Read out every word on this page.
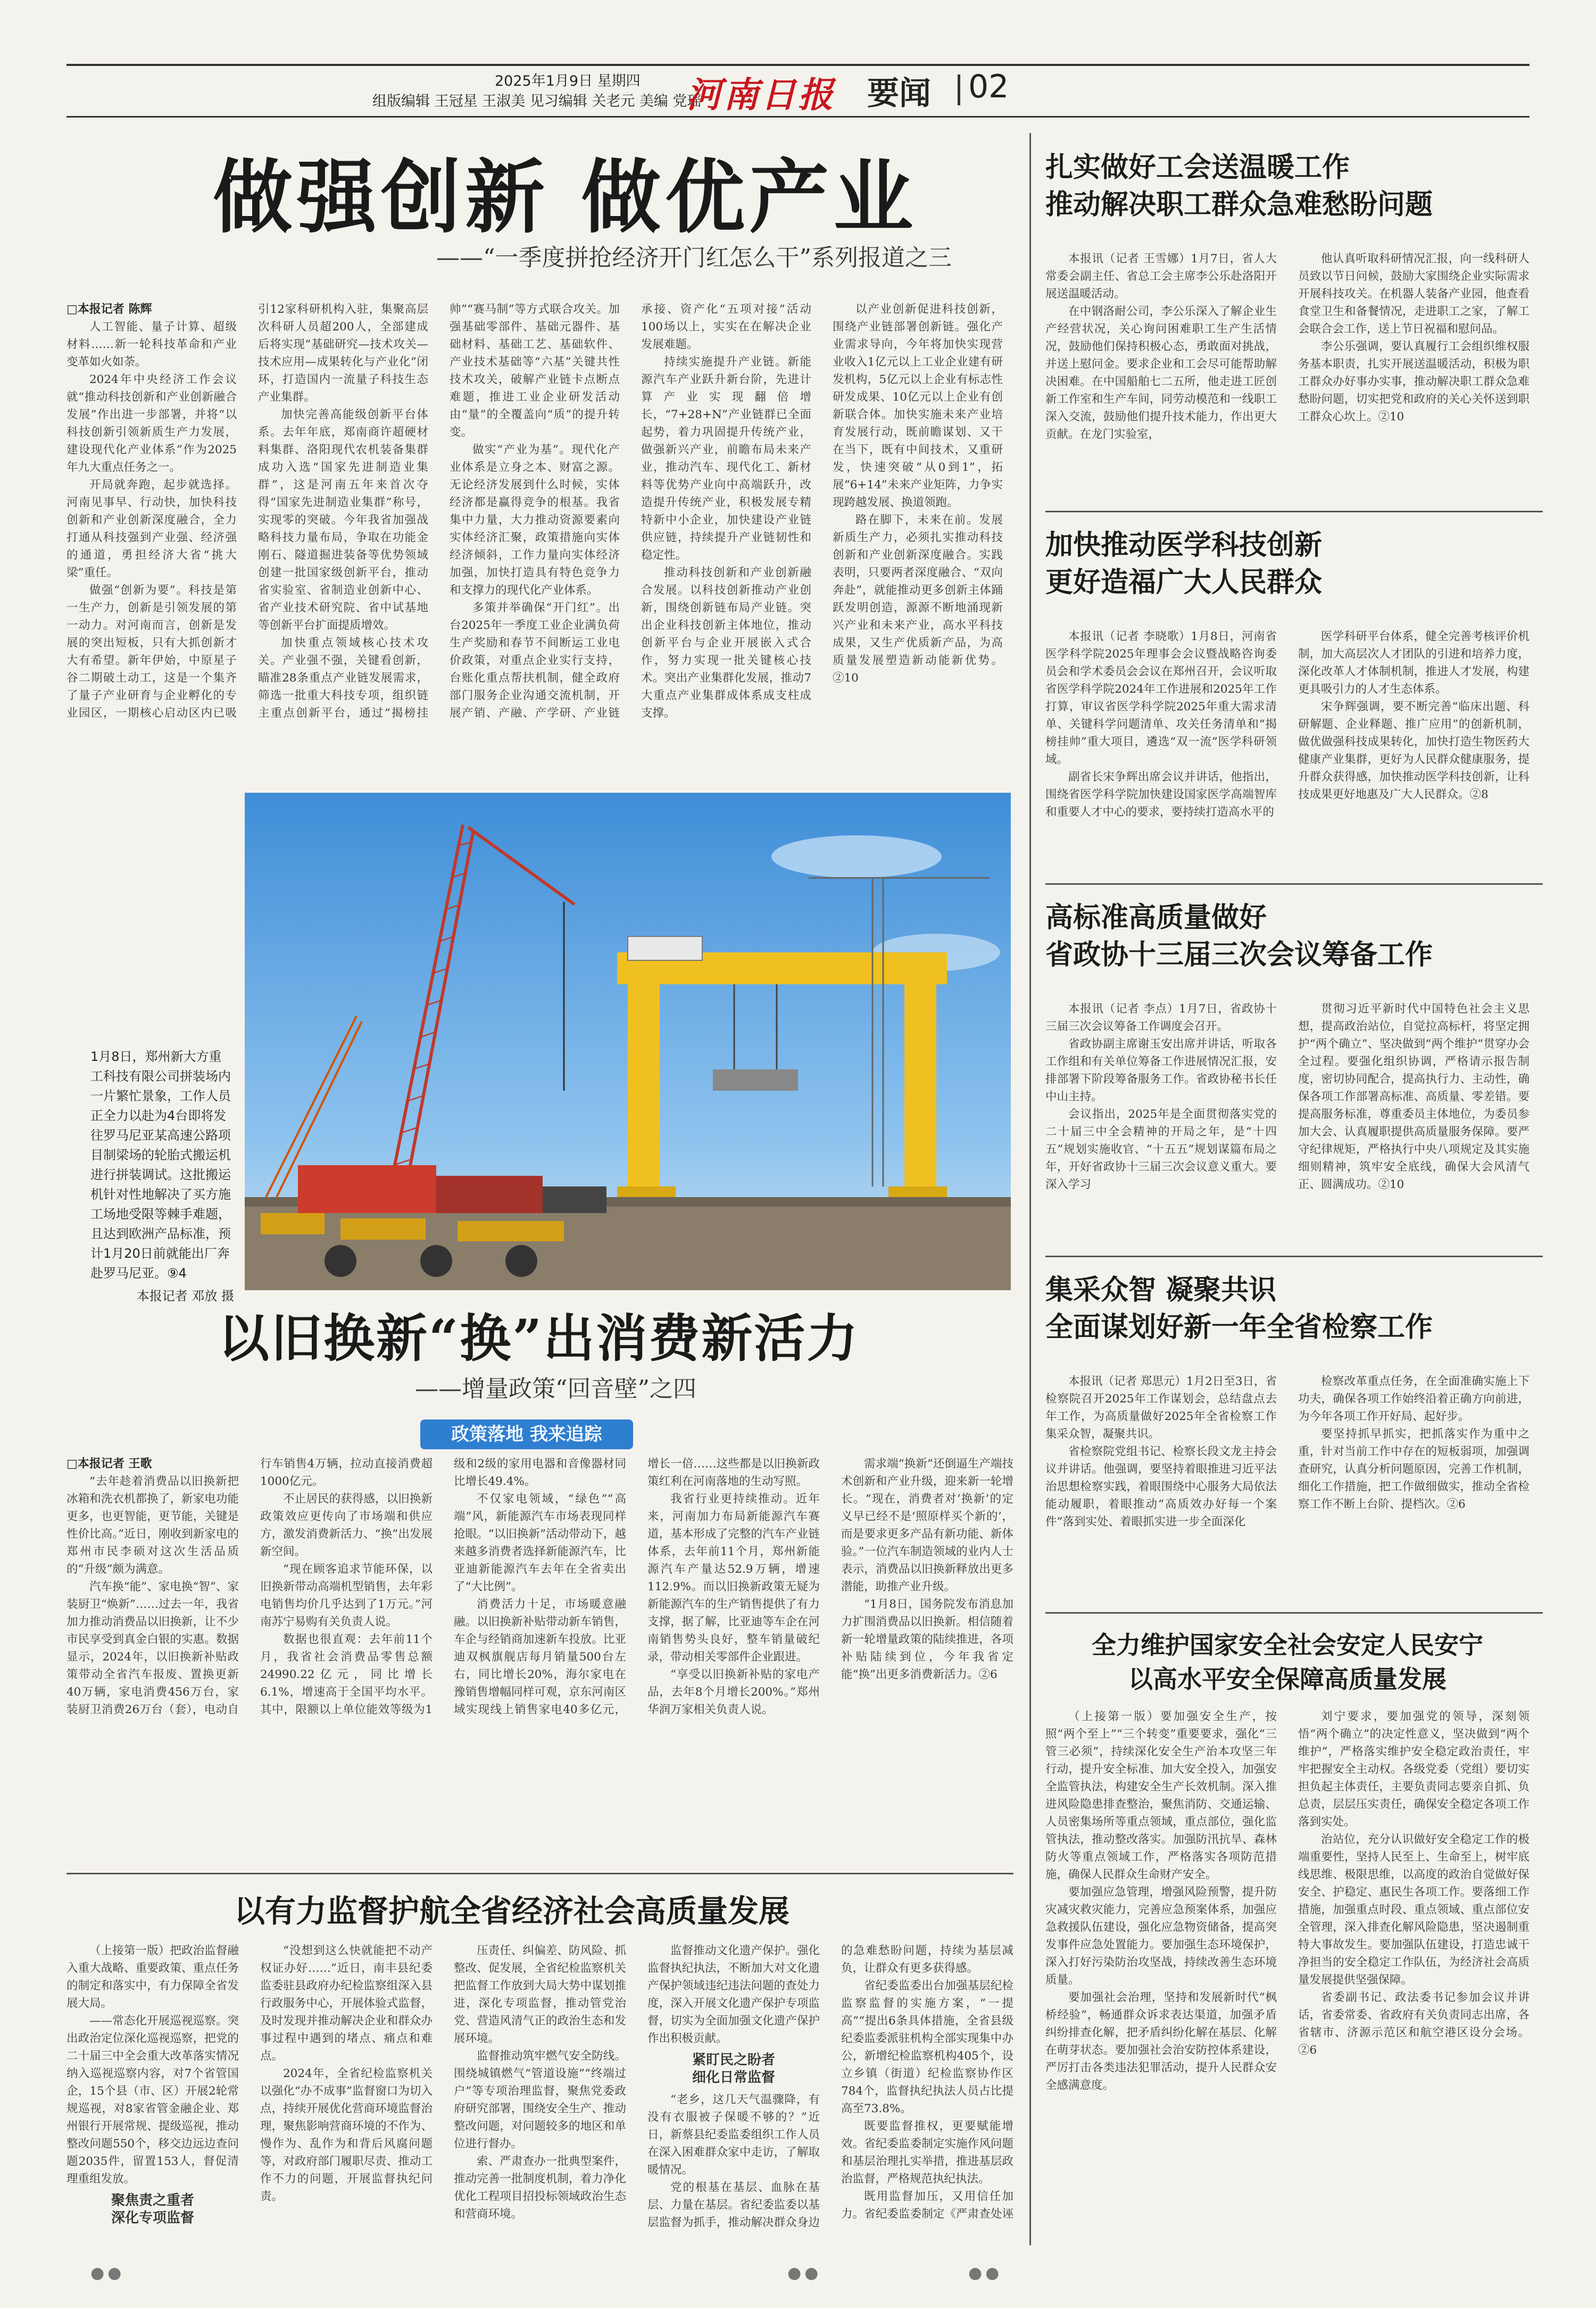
2025年1月9日 星期四
组版编辑 王冠星 王淑美 见习编辑 关老元 美编 党瑶
河南日报 要闻 02
做强创新 做优产业
——“一季度拼抢经济开门红怎么干”系列报道之三

□本报记者 陈辉

人工智能、量子计算、超级材料……新一轮科技革命和产业变革如火如荼。

2024年中央经济工作会议就“推动科技创新和产业创新融合发展”作出进一步部署，并将“以科技创新引领新质生产力发展，建设现代化产业体系”作为2025年九大重点任务之一。

开局就奔跑，起步就选择。河南见事早、行动快，加快科技创新和产业创新深度融合，全力打通从科技强到产业强、经济强的通道，勇担经济大省“挑大梁”重任。

做强“创新为要”。科技是第一生产力，创新是引领发展的第一动力。对河南而言，创新是发展的突出短板，只有大抓创新才大有希望。新年伊始，中原星子谷二期破土动工，这是一个集齐了量子产业研育与企业孵化的专业园区，一期核心启动区内已吸引12家科研机构入驻，集聚高层次科研人员超200人，全部建成后将实现“基础研究—技术攻关—技术应用—成果转化与产业化”闭环，打造国内一流量子科技生态产业集群。

加快完善高能级创新平台体系。去年年底，郑南商许超硬材料集群、洛阳现代农机装备集群成功入选“国家先进制造业集群”，这是河南五年来首次夺得“国家先进制造业集群”称号，实现零的突破。今年我省加强战略科技力量布局，争取在功能金刚石、隧道掘进装备等优势领域创建一批国家级创新平台，推动省实验室、省制造业创新中心、省产业技术研究院、省中试基地等创新平台扩面提质增效。

加快重点领域核心技术攻关。产业强不强，关键看创新，瞄准28条重点产业链发展需求，筛选一批重大科技专项，组织链主重点创新平台，通过“揭榜挂帅”“赛马制”等方式联合攻关。加强基础零部件、基础元器件、基础材料、基础工艺、基础软件、产业技术基础等“六基”关键共性技术攻关，破解产业链卡点断点难题，推进工业企业研发活动由“量”的全覆盖向“质”的提升转变。

做实“产业为基”。现代化产业体系是立身之本、财富之源。无论经济发展到什么时候，实体经济都是赢得竞争的根基。我省集中力量，大力推动资源要素向实体经济汇聚，政策措施向实体经济倾斜，工作力量向实体经济加强，加快打造具有特色竞争力和支撑力的现代化产业体系。

多策并举确保“开门红”。出台2025年一季度工业企业满负荷生产奖励和春节不间断运工业电价政策，对重点企业实行支持，台账化重点帮扶机制，健全政府部门服务企业沟通交流机制，开展产销、产融、产学研、产业链承接、资产化“五项对接”活动100场以上，实实在在解决企业发展难题。

持续实施提升产业链。新能源汽车产业跃升新台阶，先进计算产业实现翻倍增长，“7+28+N”产业链群已全面起势，着力巩固提升传统产业，做强新兴产业，前瞻布局未来产业，推动汽车、现代化工、新材料等优势产业向中高端跃升，改造提升传统产业，积极发展专精特新中小企业，加快建设产业链供应链，持续提升产业链韧性和稳定性。

推动科技创新和产业创新融合发展。以科技创新推动产业创新，围绕创新链布局产业链。突出企业科技创新主体地位，推动创新平台与企业开展嵌入式合作，努力实现一批关键核心技术。突出产业集群化发展，推动7大重点产业集群成体系成支柱成支撑。

以产业创新促进科技创新，围绕产业链部署创新链。强化产业需求导向，今年将加快实现营业收入1亿元以上工业企业建有研发机构，5亿元以上企业有标志性研发成果、10亿元以上企业有创新联合体。加快实施未来产业培育发展行动，既前瞻谋划、又干在当下，既有中间技术，又重研发，快速突破“从0到1”，拓展“6+14”未来产业矩阵，力争实现跨越发展、换道领跑。

路在脚下，未来在前。发展新质生产力，必须扎实推动科技创新和产业创新深度融合。实践表明，只要两者深度融合、“双向奔赴”，就能推动更多创新主体踊跃发明创造，源源不断地涌现新兴产业和未来产业，高水平科技成果，又生产优质新产品，为高质量发展塑造新动能新优势。②10

1月8日，郑州新大方重工科技有限公司拼装场内一片繁忙景象，工作人员正全力以赴为4台即将发往罗马尼亚某高速公路项目制梁场的轮胎式搬运机进行拼装调试。这批搬运机针对性地解决了买方施工场地受限等棘手难题，且达到欧洲产品标准，预计1月20日前就能出厂奔赴罗马尼亚。⑨4
本报记者 邓放 摄
以旧换新“换”出消费新活力
——增量政策“回音壁”之四
政策落地 我来追踪

□本报记者 王歌

“去年趁着消费品以旧换新把冰箱和洗衣机都换了，新家电功能更多，也更智能，更节能，关键是性价比高。”近日，刚收到新家电的郑州市民李硕对这次生活品质的“升级”颇为满意。

汽车换“能”、家电换“智”、家装厨卫“焕新”……过去一年，我省加力推动消费品以旧换新，让不少市民享受到真金白银的实惠。数据显示，2024年，以旧换新补贴政策带动全省汽车报废、置换更新40万辆，家电消费456万台，家装厨卫消费26万台（套），电动自行车销售4万辆，拉动直接消费超1000亿元。

不止居民的获得感，以旧换新政策效应更传向了市场端和供应方，激发消费新活力、“换”出发展新空间。

“现在顾客追求节能环保，以旧换新带动高端机型销售，去年彩电销售均价几乎达到了1万元。”河南苏宁易购有关负责人说。

数据也很直观：去年前11个月，我省社会消费品零售总额24990.22亿元，同比增长6.1%，增速高于全国平均水平。其中，限额以上单位能效等级为1级和2级的家用电器和音像器材同比增长49.4%。

不仅家电领域，“绿色”“高端”风，新能源汽车市场表现同样抢眼。“以旧换新”活动带动下，越来越多消费者选择新能源汽车，比亚迪新能源汽车去年在全省卖出了“大比例”。

消费活力十足，市场暖意融融。以旧换新补贴带动新车销售，车企与经销商加速新车投放。比亚迪双枫旗舰店每月销量500台左右，同比增长20%，海尔家电在豫销售增幅同样可观，京东河南区域实现线上销售家电40多亿元，增长一倍……这些都是以旧换新政策红利在河南落地的生动写照。

我省行业更持续推动。近年来，河南加力布局新能源汽车赛道，基本形成了完整的汽车产业链体系，去年前11个月，郑州新能源汽车产量达52.9万辆，增速112.9%。而以旧换新政策无疑为新能源汽车的生产销售提供了有力支撑，据了解，比亚迪等车企在河南销售势头良好，整车销量破纪录，带动相关零部件企业跟进。

“享受以旧换新补贴的家电产品，去年8个月增长200%。”郑州华润万家相关负责人说。

需求端“换新”还倒逼生产端技术创新和产业升级，迎来新一轮增长。“现在，消费者对‘换新’的定义早已经不是‘照原样买个新的’，而是要求更多产品有新功能、新体验。”一位汽车制造领域的业内人士表示，消费品以旧换新释放出更多潜能，助推产业升级。

“1月8日，国务院发布消息加力扩围消费品以旧换新。相信随着新一轮增量政策的陆续推进，各项补贴陆续到位，今年我省定能“换”出更多消费新活力。②6

以有力监督护航全省经济社会高质量发展

（上接第一版）把政治监督融入重大战略、重要政策、重点任务的制定和落实中，有力保障全省发展大局。

——常态化开展巡视巡察。突出政治定位深化巡视巡察，把党的二十届三中全会重大改革落实情况纳入巡视巡察内容，对7个省管国企，15个县（市、区）开展2轮常规巡视，对8家省管金融企业、郑州银行开展常规、提级巡视，推动整改问题550个，移交边远边查问题2035件，留置153人，督促清理重组发放。

聚焦责之重者
深化专项监督

“没想到这么快就能把不动产权证办好……”近日，南丰县纪委监委驻县政府办纪检监察组深入县行政服务中心，开展体验式监督，及时发现并推动解决企业和群众办事过程中遇到的堵点、痛点和难点。

2024年，全省纪检监察机关以强化“办不成事”监督窗口为切入点，持续开展优化营商环境监督治理，聚焦影响营商环境的不作为、慢作为、乱作为和背后风腐问题等，对政府部门履职尽责、推动工作不力的问题，开展监督执纪问责。

压责任、纠偏差、防风险、抓整改、促发展，全省纪检监察机关把监督工作放到大局大势中谋划推进，深化专项监督，推动管党治党、营造风清气正的政治生态和发展环境。

监督推动筑牢燃气安全防线。围绕城镇燃气“管道设施”“终端过户”等专项治理监督，聚焦党委政府研究部署，围绕安全生产、推动整改问题，对问题较多的地区和单位进行督办。

索、严肃查办一批典型案件，推动完善一批制度机制，着力净化优化工程项目招投标领域政治生态和营商环境。

监督推动文化遗产保护。强化监督执纪执法，不断加大对文化遗产保护领域违纪违法问题的查处力度，深入开展文化遗产保护专项监督，切实为全面加强文化遗产保护作出积极贡献。

紧盯民之盼者
细化日常监督

“老乡，这几天气温骤降，有没有衣服被子保暖不够的？”近日，新蔡县纪委监委组织工作人员在深入困难群众家中走访，了解取暖情况。

党的根基在基层、血脉在基层、力量在基层。省纪委监委以基层监督为抓手，推动解决群众身边的急难愁盼问题，持续为基层减负，让群众有更多获得感。

省纪委监委出台加强基层纪检监察监督的实施方案，“一提高”“提出6条具体措施，全省县级纪委监委派驻机构全部实现集中办公，新增纪检监察机构405个，设立乡镇（街道）纪检监察协作区784个，监督执纪执法人员占比提高至73.8%。

既要监督推权，更要赋能增效。省纪委监委制定实施作风问题和基层治理扎实举措，推进基层政治监督，严格规范执纪执法。

既用监督加压，又用信任加力。省纪委监委制定《严肃查处诬

扎实做好工会送温暖工作
推动解决职工群众急难愁盼问题

本报讯（记者 王雪娜）1月7日，省人大常委会副主任、省总工会主席李公乐赴洛阳开展送温暖活动。

在中钢洛耐公司，李公乐深入了解企业生产经营状况，关心询问困难职工生产生活情况，鼓励他们保持积极心态，勇敢面对挑战，并送上慰问金。要求企业和工会尽可能帮助解决困难。在中国船舶七二五所，他走进工匠创新工作室和生产车间，同劳动模范和一线职工深入交流，鼓励他们提升技术能力，作出更大贡献。在龙门实验室，

他认真听取科研情况汇报，向一线科研人员致以节日问候，鼓励大家围绕企业实际需求开展科技攻关。在机器人装备产业园，他查看食堂卫生和备餐情况，走进职工之家，了解工会联合会工作，送上节日祝福和慰问品。

李公乐强调，要认真履行工会组织维权服务基本职责，扎实开展送温暖活动，积极为职工群众办好事办实事，推动解决职工群众急难愁盼问题，切实把党和政府的关心关怀送到职工群众心坎上。②10

加快推动医学科技创新
更好造福广大人民群众

本报讯（记者 李晓歌）1月8日，河南省医学科学院2025年理事会会议暨战略咨询委员会和学术委员会会议在郑州召开，会议听取省医学科学院2024年工作进展和2025年工作打算，审议省医学科学院2025年重大需求清单、关键科学问题清单、攻关任务清单和“揭榜挂帅”重大项目，遴选“双一流”医学科研领域。

副省长宋争辉出席会议并讲话，他指出，围绕省医学科学院加快建设国家医学高端智库和重要人才中心的要求，要持续打造高水平的

医学科研平台体系，健全完善考核评价机制，加大高层次人才团队的引进和培养力度，深化改革人才体制机制，推进人才发展，构建更具吸引力的人才生态体系。

宋争辉强调，要不断完善“临床出题、科研解题、企业释题、推广应用”的创新机制，做优做强科技成果转化，加快打造生物医药大健康产业集群，更好为人民群众健康服务，提升群众获得感，加快推动医学科技创新，让科技成果更好地惠及广大人民群众。②8

高标准高质量做好
省政协十三届三次会议筹备工作

本报讯（记者 李点）1月7日，省政协十三届三次会议筹备工作调度会召开。

省政协副主席谢玉安出席并讲话，听取各工作组和有关单位筹备工作进展情况汇报，安排部署下阶段筹备服务工作。省政协秘书长任中山主持。

会议指出，2025年是全面贯彻落实党的二十届三中全会精神的开局之年，是“十四五”规划实施收官、“十五五”规划谋篇布局之年，开好省政协十三届三次会议意义重大。要深入学习

贯彻习近平新时代中国特色社会主义思想，提高政治站位，自觉拉高标杆，将坚定拥护“两个确立”、坚决做到“两个维护”贯穿办会全过程。要强化组织协调，严格请示报告制度，密切协同配合，提高执行力、主动性，确保各项工作部署高标准、高质量、零差错。要提高服务标准，尊重委员主体地位，为委员参加大会、认真履职提供高质量服务保障。要严守纪律规矩，严格执行中央八项规定及其实施细则精神，筑牢安全底线，确保大会风清气正、圆满成功。②10

集采众智 凝聚共识
全面谋划好新一年全省检察工作

本报讯（记者 郑思元）1月2日至3日，省检察院召开2025年工作谋划会，总结盘点去年工作，为高质量做好2025年全省检察工作集采众智，凝聚共识。

省检察院党组书记、检察长段文龙主持会议并讲话。他强调，要坚持着眼推进习近平法治思想检察实践，着眼围绕中心服务大局依法能动履职，着眼推动“高质效办好每一个案件”落到实处、着眼抓实进一步全面深化

检察改革重点任务，在全面准确实施上下功夫，确保各项工作始终沿着正确方向前进，为今年各项工作开好局、起好步。

要坚持抓早抓实，把抓落实作为重中之重，针对当前工作中存在的短板弱项，加强调查研究，认真分析问题原因，完善工作机制，细化工作措施，把工作做细做实，推动全省检察工作不断上台阶、提档次。②6

全力维护国家安全社会安定人民安宁
以高水平安全保障高质量发展

（上接第一版）要加强安全生产，按照“两个至上”“三个转变”重要要求，强化“三管三必须”，持续深化安全生产治本攻坚三年行动，提升安全标准、加大安全投入，加强安全监管执法，构建安全生产长效机制。深入推进风险隐患排查整治，聚焦消防、交通运输、人员密集场所等重点领域，重点部位，强化监管执法，推动整改落实。加强防汛抗旱、森林防火等重点领域工作，严格落实各项防范措施，确保人民群众生命财产安全。

要加强应急管理，增强风险预警，提升防灾减灾救灾能力，完善应急预案体系，加强应急救援队伍建设，强化应急物资储备，提高突发事件应急处置能力。要加强生态环境保护，深入打好污染防治攻坚战，持续改善生态环境质量。

要加强社会治理，坚持和发展新时代“枫桥经验”，畅通群众诉求表达渠道，加强矛盾纠纷排查化解，把矛盾纠纷化解在基层、化解在萌芽状态。要加强社会治安防控体系建设，严厉打击各类违法犯罪活动，提升人民群众安全感满意度。

刘宁要求，要加强党的领导，深刻领悟“两个确立”的决定性意义，坚决做到“两个维护”，严格落实维护安全稳定政治责任，牢牢把握安全主动权。各级党委（党组）要切实担负起主体责任，主要负责同志要亲自抓、负总责，层层压实责任，确保安全稳定各项工作落到实处。

治站位，充分认识做好安全稳定工作的极端重要性，坚持人民至上、生命至上，树牢底线思维、极限思维，以高度的政治自觉做好保安全、护稳定、惠民生各项工作。要落细工作措施，加强重点时段、重点领域、重点部位安全管理，深入排查化解风险隐患，坚决遏制重特大事故发生。要加强队伍建设，打造忠诚干净担当的安全稳定工作队伍，为经济社会高质量发展提供坚强保障。

省委副书记、政法委书记参加会议并讲话，省委常委、省政府有关负责同志出席，各省辖市、济源示范区和航空港区设分会场。②6

●●	●●	●●
